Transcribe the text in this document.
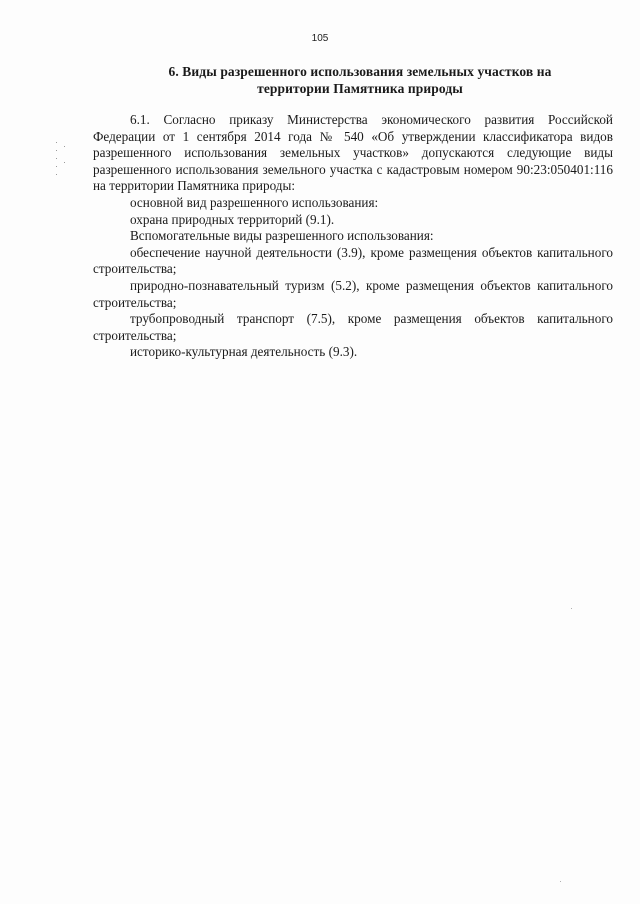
105
6. Виды разрешенного использования земельных участков на
территории Памятника природы

6.1. Согласно приказу Министерства экономического развития Российской Федерации от 1 сентября 2014 года № 540 «Об утверждении классификатора видов разрешенного использования земельных участков» допускаются следующие виды разрешенного использования земельного участка с кадастровым номером 90:23:050401:116 на территории Памятника природы:

основной вид разрешенного использования:

охрана природных территорий (9.1).

Вспомогательные виды разрешенного использования:

обеспечение научной деятельности (3.9), кроме размещения объектов капитального строительства;

природно-познавательный туризм (5.2), кроме размещения объектов капитального строительства;

трубопроводный транспорт (7.5), кроме размещения объектов капитального строительства;

историко-культурная деятельность (9.3).
